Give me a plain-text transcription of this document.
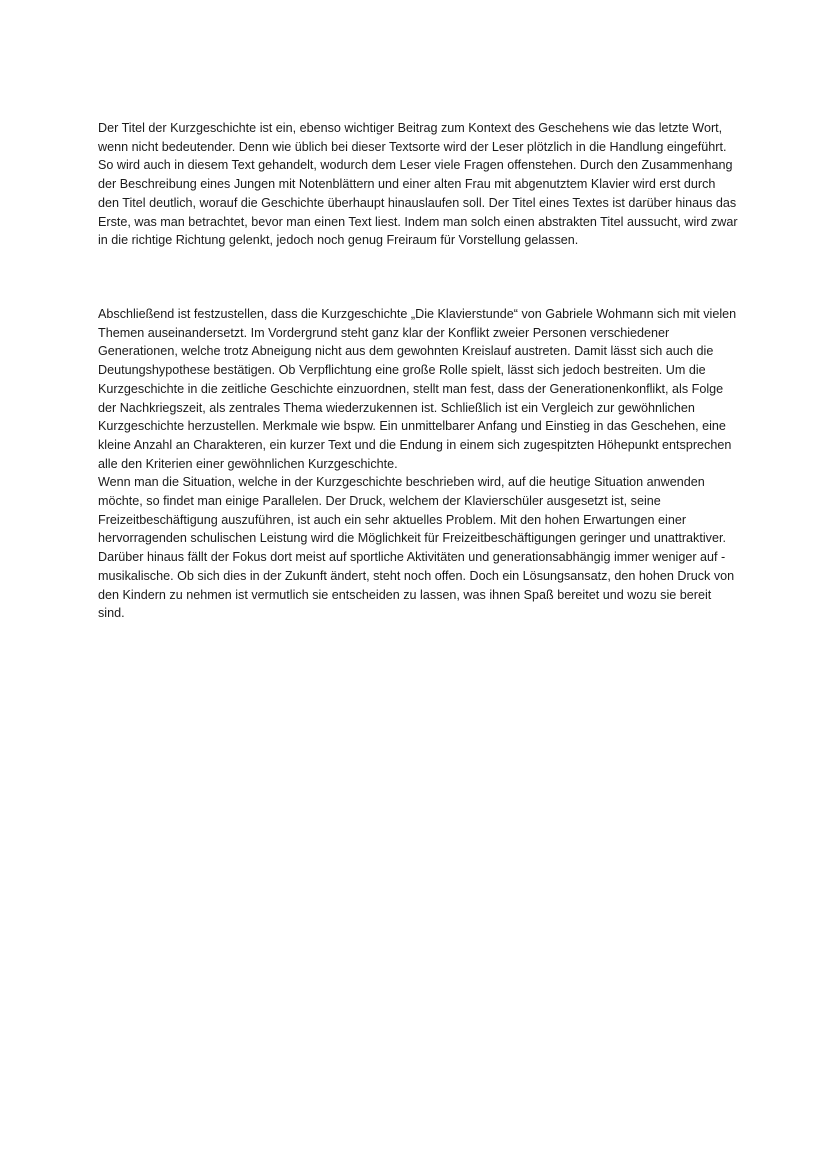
Der Titel der Kurzgeschichte ist ein, ebenso wichtiger Beitrag zum Kontext des Geschehens wie das letzte Wort, wenn nicht bedeutender. Denn wie üblich bei dieser Textsorte wird der Leser plötzlich in die Handlung eingeführt. So wird auch in diesem Text gehandelt, wodurch dem Leser viele Fragen offenstehen. Durch den Zusammenhang der Beschreibung eines Jungen mit Notenblättern und einer alten Frau mit abgenutztem Klavier wird erst durch den Titel deutlich, worauf die Geschichte überhaupt hinauslaufen soll. Der Titel eines Textes ist darüber hinaus das Erste, was man betrachtet, bevor man einen Text liest. Indem man solch einen abstrakten Titel aussucht, wird zwar in die richtige Richtung gelenkt, jedoch noch genug Freiraum für Vorstellung gelassen.

Abschließend ist festzustellen, dass die Kurzgeschichte „Die Klavierstunde“ von Gabriele Wohmann sich mit vielen Themen auseinandersetzt. Im Vordergrund steht ganz klar der Konflikt zweier Personen verschiedener Generationen, welche trotz Abneigung nicht aus dem gewohnten Kreislauf austreten. Damit lässt sich auch die Deutungshypothese bestätigen. Ob Verpflichtung eine große Rolle spielt, lässt sich jedoch bestreiten. Um die Kurzgeschichte in die zeitliche Geschichte einzuordnen, stellt man fest, dass der Generationenkonflikt, als Folge der Nachkriegszeit, als zentrales Thema wiederzukennen ist. Schließlich ist ein Vergleich zur gewöhnlichen Kurzgeschichte herzustellen. Merkmale wie bspw. Ein unmittelbarer Anfang und Einstieg in das Geschehen, eine kleine Anzahl an Charakteren, ein kurzer Text und die Endung in einem sich zugespitzten Höhepunkt entsprechen alle den Kriterien einer gewöhnlichen Kurzgeschichte.

Wenn man die Situation, welche in der Kurzgeschichte beschrieben wird, auf die heutige Situation anwenden möchte, so findet man einige Parallelen. Der Druck, welchem der Klavierschüler ausgesetzt ist, seine Freizeitbeschäftigung auszuführen, ist auch ein sehr aktuelles Problem. Mit den hohen Erwartungen einer hervorragenden schulischen Leistung wird die Möglichkeit für Freizeitbeschäftigungen geringer und unattraktiver. Darüber hinaus fällt der Fokus dort meist auf sportliche Aktivitäten und generationsabhängig immer weniger auf -musikalische. Ob sich dies in der Zukunft ändert, steht noch offen. Doch ein Lösungsansatz, den hohen Druck von den Kindern zu nehmen ist vermutlich sie entscheiden zu lassen, was ihnen Spaß bereitet und wozu sie bereit sind.
